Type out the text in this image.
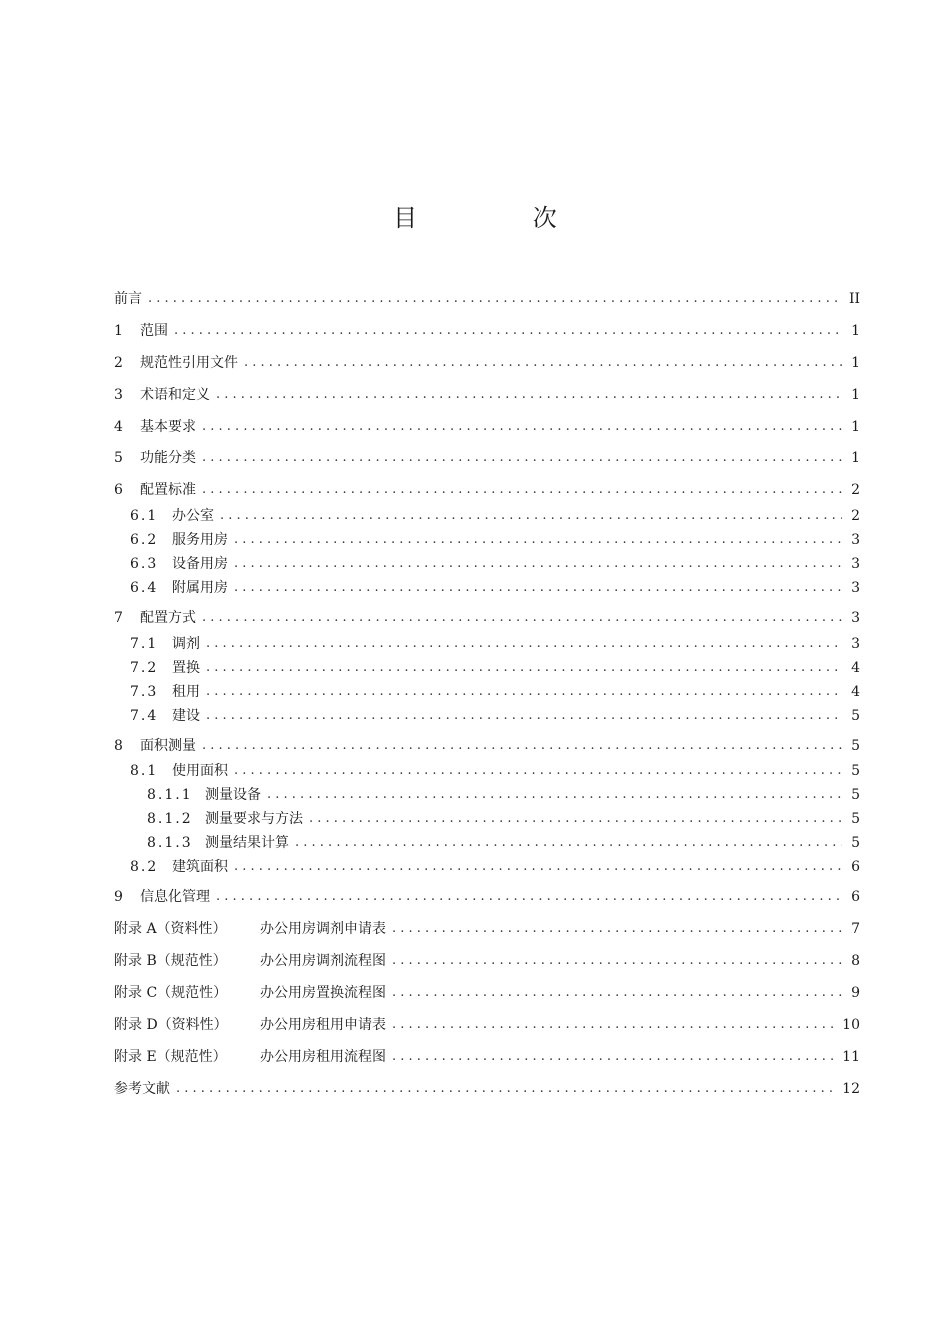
目 次
前言 . . .	II
1	范围 . . .	1
2	规范性引用文件 . . .	1
3	术语和定义 . . .	1
4	基本要求 . . .	1
5	功能分类 . . .	1
6	配置标准 . . .	2
6.1 办公室 . . .	2
6.2 服务用房 . . .	3
6.3 设备用房 . . .	3
6.4 附属用房 . . .	3
7	配置方式 . . .	3
7.1 调剂 . . .	3
7.2 置换 . . .	4
7.3 租用 . . .	4
7.4 建设 . . .	5
8	面积测量 . . .	5
8.1 使用面积 . . .	5
8.1.1 测量设备 . . .	5
8.1.2 测量要求与方法 . . .	5
8.1.3 测量结果计算 . . .	5
8.2 建筑面积 . . .	6
9	信息化管理 . . .	6
附录 A（资料性）	办公用房调剂申请表 . . .	7
附录 B（规范性）	办公用房调剂流程图 . . .	8
附录 C（规范性）	办公用房置换流程图 . . .	9
附录 D（资料性）	办公用房租用申请表 . . .	10
附录 E（规范性）	办公用房租用流程图 . . .	11
参考文献 . . .	12
